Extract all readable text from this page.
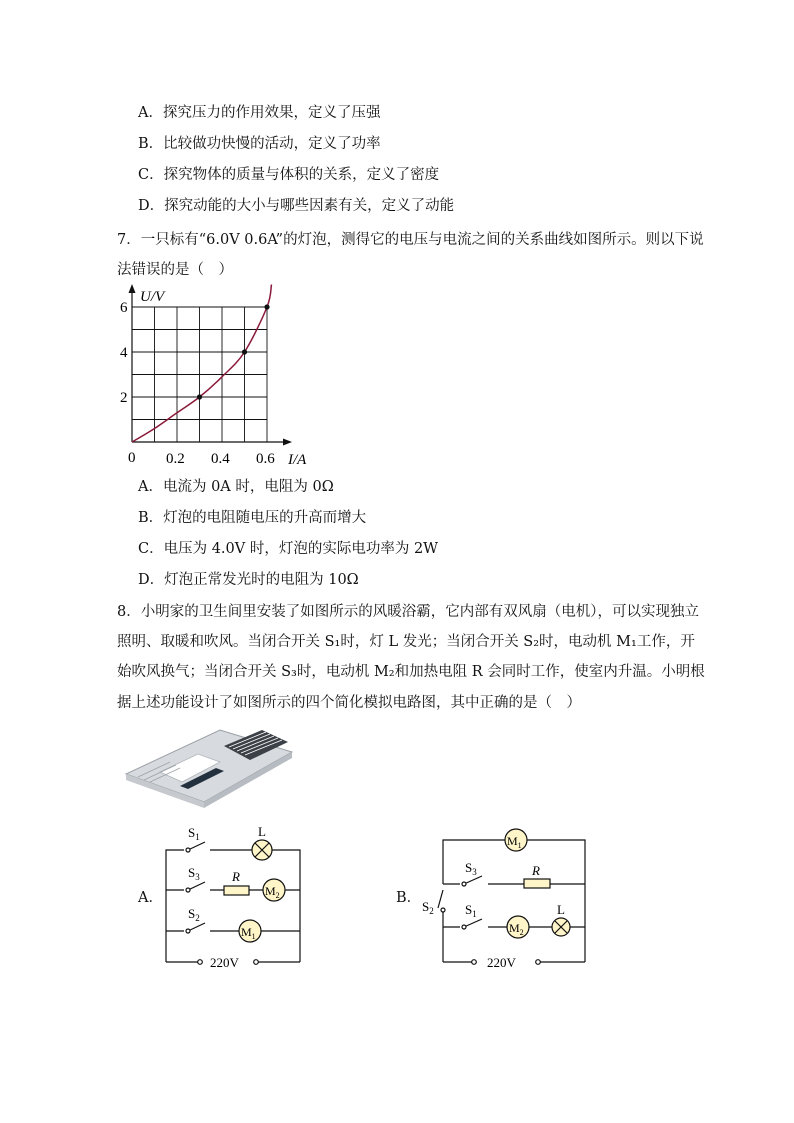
A．探究压力的作用效果，定义了压强
B．比较做功快慢的活动，定义了功率
C．探究物体的质量与体积的关系，定义了密度
D．探究动能的大小与哪些因素有关，定义了动能
7．一只标有“6.0V 0.6A”的灯泡，测得它的电压与电流之间的关系曲线如图所示。则以下说
法错误的是（　）
U/V
I/A
0 0.2 0.4 0.6
2
4
6
A．电流为 0A 时，电阻为 0Ω
B．灯泡的电阻随电压的升高而增大
C．电压为 4.0V 时，灯泡的实际电功率为 2W
D．灯泡正常发光时的电阻为 10Ω
8．小明家的卫生间里安装了如图所示的风暖浴霸，它内部有双风扇（电机），可以实现独立
照明、取暖和吹风。当闭合开关 S₁时，灯 L 发光；当闭合开关 S₂时，电动机 M₁工作，开
始吹风换气；当闭合开关 S₃时，电动机 M₂和加热电阻 R 会同时工作，使室内升温。小明根
据上述功能设计了如图所示的四个简化模拟电路图，其中正确的是（　）
A．
$S_1$
$S_3$
$S_2$
L
R
$M_2$
$M_1$
220V
B．
$M_1$
$S_3$	R
$S_2$ $S_1$
$M_2$
L
220V
